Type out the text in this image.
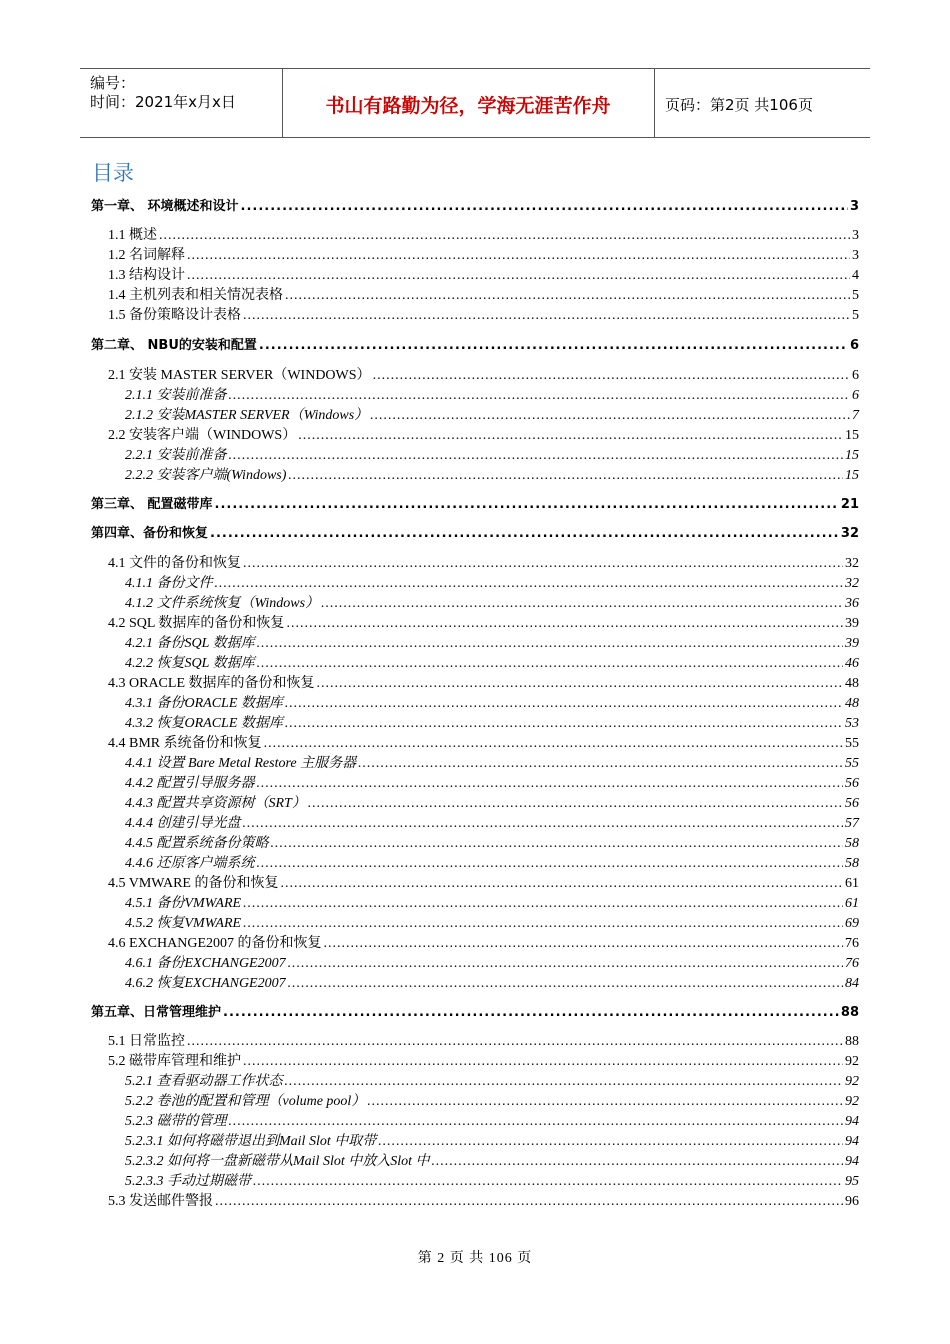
编号：
时间：2021年x月x日	书山有路勤为径，学海无涯苦作舟	页码：第2页 共106页
目录
第一章、 环境概述和设计 .....	3
1.1 概述 .....	3
1.2 名词解释 .....	3
1.3 结构设计 .....	4
1.4 主机列表和相关情况表格 .....	5
1.5 备份策略设计表格 .....	5
第二章、 NBU的安装和配置 .....	6
2.1 安装 MASTER SERVER（WINDOWS） .....	6
2.1.1 安装前准备 .....	6
2.1.2 安装MASTER SERVER（Windows） .....	7
2.2 安装客户端（WINDOWS） .....	15
2.2.1 安装前准备 .....	15
2.2.2 安装客户端(Windows) .....	15
第三章、 配置磁带库 .....	21
第四章、备份和恢复 .....	32
4.1 文件的备份和恢复 .....	32
4.1.1 备份文件 .....	32
4.1.2 文件系统恢复（Windows） .....	36
4.2 SQL 数据库的备份和恢复 .....	39
4.2.1 备份SQL 数据库 .....	39
4.2.2 恢复SQL 数据库 .....	46
4.3 ORACLE 数据库的备份和恢复 .....	48
4.3.1 备份ORACLE 数据库 .....	48
4.3.2 恢复ORACLE 数据库 .....	53
4.4 BMR 系统备份和恢复 .....	55
4.4.1 设置 Bare Metal Restore 主服务器 .....	55
4.4.2 配置引导服务器 .....	56
4.4.3 配置共享资源树（SRT） .....	56
4.4.4 创建引导光盘 .....	57
4.4.5 配置系统备份策略 .....	58
4.4.6 还原客户端系统 .....	58
4.5 VMWARE 的备份和恢复 .....	61
4.5.1 备份VMWARE .....	61
4.5.2 恢复VMWARE .....	69
4.6 EXCHANGE2007 的备份和恢复 .....	76
4.6.1 备份EXCHANGE2007 .....	76
4.6.2 恢复EXCHANGE2007 .....	84
第五章、日常管理维护 .....	88
5.1 日常监控 .....	88
5.2 磁带库管理和维护 .....	92
5.2.1 查看驱动器工作状态 .....	92
5.2.2 卷池的配置和管理（volume pool） .....	92
5.2.3 磁带的管理 .....	94
5.2.3.1 如何将磁带退出到Mail Slot 中取带 .....	94
5.2.3.2 如何将一盘新磁带从Mail Slot 中放入Slot 中 .....	94
5.2.3.3 手动过期磁带 .....	95
5.3 发送邮件警报 .....	96
第 2 页 共 106 页
